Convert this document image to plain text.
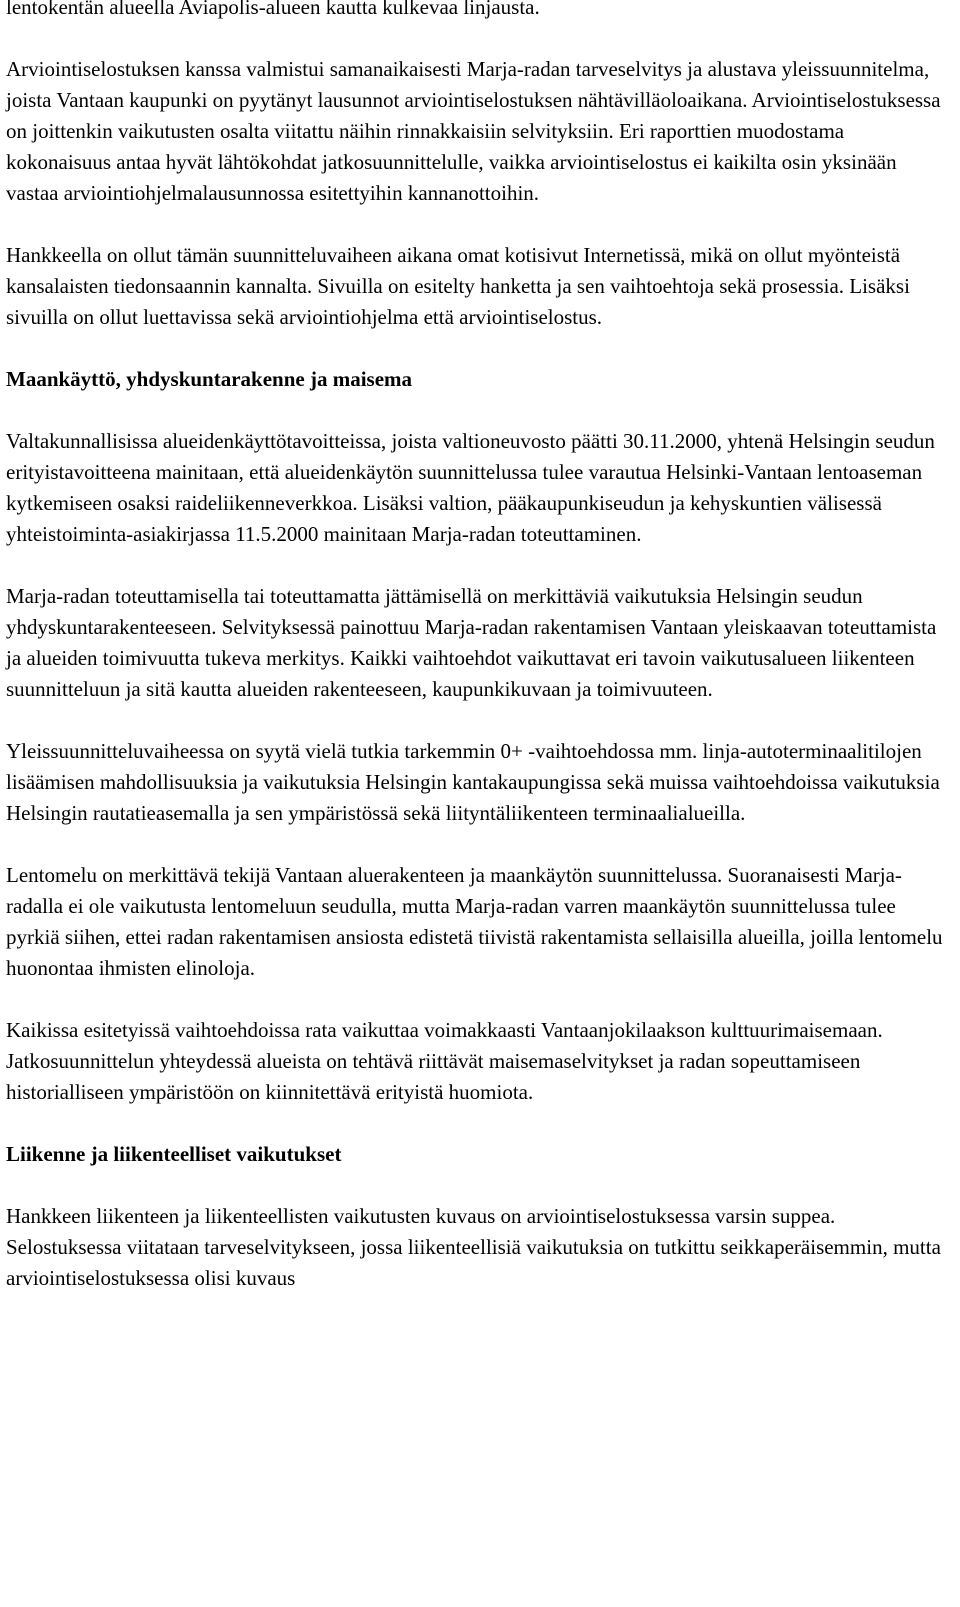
lentokentän alueella Aviapolis-alueen kautta kulkevaa linjausta.

Arviointiselostuksen kanssa valmistui samanaikaisesti Marja-radan tarveselvitys ja alustava yleissuunnitelma, joista Vantaan kaupunki on pyytänyt lausunnot arviointiselostuksen nähtävilläoloaikana. Arviointiselostuksessa on joittenkin vaikutusten osalta viitattu näihin rinnakkaisiin selvityksiin. Eri raporttien muodostama kokonaisuus antaa hyvät lähtökohdat jatkosuunnittelulle, vaikka arviointiselostus ei kaikilta osin yksinään vastaa arviointiohjelmalausunnossa esitettyihin kannanottoihin.

Hankkeella on ollut tämän suunnitteluvaiheen aikana omat kotisivut Internetissä, mikä on ollut myönteistä kansalaisten tiedonsaannin kannalta. Sivuilla on esitelty hanketta ja sen vaihtoehtoja sekä prosessia. Lisäksi sivuilla on ollut luettavissa sekä arviointiohjelma että arviointiselostus.

Maankäyttö, yhdyskuntarakenne ja maisema

Valtakunnallisissa alueidenkäyttötavoitteissa, joista valtioneuvosto päätti 30.11.2000, yhtenä Helsingin seudun erityistavoitteena mainitaan, että alueidenkäytön suunnittelussa tulee varautua Helsinki-Vantaan lentoaseman kytkemiseen osaksi raideliikenneverkkoa. Lisäksi valtion, pääkaupunkiseudun ja kehyskuntien välisessä yhteistoiminta-asiakirjassa 11.5.2000 mainitaan Marja-radan toteuttaminen.

Marja-radan toteuttamisella tai toteuttamatta jättämisellä on merkittäviä vaikutuksia Helsingin seudun yhdyskuntarakenteeseen. Selvityksessä painottuu Marja-radan rakentamisen Vantaan yleiskaavan toteuttamista ja alueiden toimivuutta tukeva merkitys. Kaikki vaihtoehdot vaikuttavat eri tavoin vaikutusalueen liikenteen suunnitteluun ja sitä kautta alueiden rakenteeseen, kaupunkikuvaan ja toimivuuteen.

Yleissuunnitteluvaiheessa on syytä vielä tutkia tarkemmin 0+ -vaihtoehdossa mm. linja-autoterminaalitilojen lisäämisen mahdollisuuksia ja vaikutuksia Helsingin kantakaupungissa sekä muissa vaihtoehdoissa vaikutuksia Helsingin rautatieasemalla ja sen ympäristössä sekä liityntäliikenteen terminaalialueilla.

Lentomelu on merkittävä tekijä Vantaan aluerakenteen ja maankäytön suunnittelussa. Suoranaisesti Marja-radalla ei ole vaikutusta lentomeluun seudulla, mutta Marja-radan varren maankäytön suunnittelussa tulee pyrkiä siihen, ettei radan rakentamisen ansiosta edistetä tiivistä rakentamista sellaisilla alueilla, joilla lentomelu huonontaa ihmisten elinoloja.

Kaikissa esitetyissä vaihtoehdoissa rata vaikuttaa voimakkaasti Vantaanjokilaakson kulttuurimaisemaan. Jatkosuunnittelun yhteydessä alueista on tehtävä riittävät maisemaselvitykset ja radan sopeuttamiseen historialliseen ympäristöön on kiinnitettävä erityistä huomiota.

Liikenne ja liikenteelliset vaikutukset

Hankkeen liikenteen ja liikenteellisten vaikutusten kuvaus on arviointiselostuksessa varsin suppea. Selostuksessa viitataan tarveselvitykseen, jossa liikenteellisiä vaikutuksia on tutkittu seikkaperäisemmin, mutta arviointiselostuksessa olisi kuvaus
